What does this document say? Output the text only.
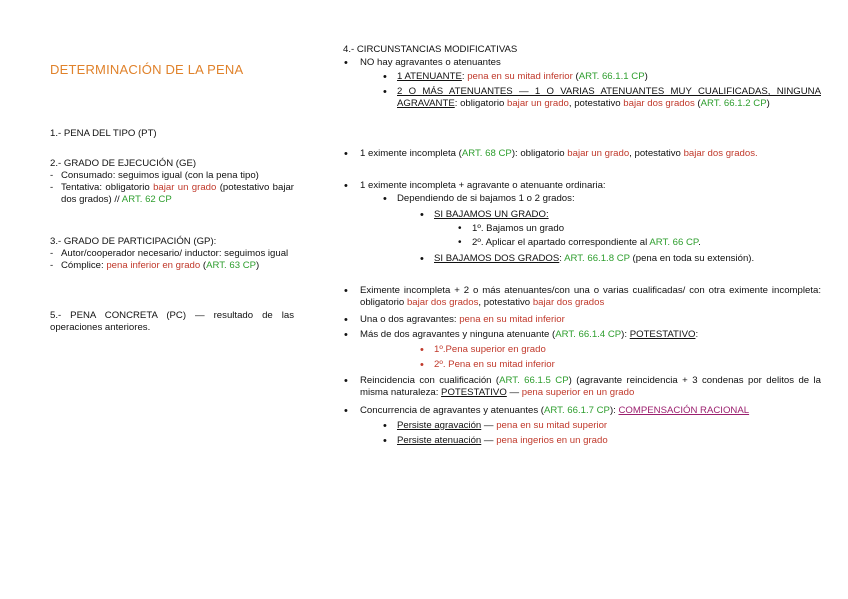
DETERMINACIÓN DE LA PENA
1.- PENA DEL TIPO (PT)
2.- GRADO DE EJECUCIÓN (GE)
- Consumado: seguimos igual (con la pena tipo)
- Tentativa: obligatorio bajar un grado (potestativo bajar dos grados) // ART. 62 CP
3.- GRADO DE PARTICIPACIÓN (GP):
- Autor/cooperador necesario/ inductor: seguimos igual
- Cómplice: pena inferior en grado (ART. 63 CP)
5.- PENA CONCRETA (PC) — resultado de las operaciones anteriores.
4.- CIRCUNSTANCIAS MODIFICATIVAS
• NO hay agravantes o atenuantes
• 1 ATENUANTE: pena en su mitad inferior (ART. 66.1.1 CP)
• 2 O MÁS ATENUANTES — 1 O VARIAS ATENUANTES MUY CUALIFICADAS, NINGUNA AGRAVANTE: obligatorio bajar un grado, potestativo bajar dos grados (ART. 66.1.2 CP)
• 1 eximente incompleta (ART. 68 CP): obligatorio bajar un grado, potestativo bajar dos grados.
• 1 eximente incompleta + agravante o atenuante ordinaria:
• Dependiendo de si bajamos 1 o 2 grados:
• SI BAJAMOS UN GRADO:
• 1º. Bajamos un grado
• 2º. Aplicar el apartado correspondiente al ART. 66 CP.
• SI BAJAMOS DOS GRADOS: ART. 66.1.8 CP (pena en toda su extensión).
• Eximente incompleta + 2 o más atenuantes/con una o varias cualificadas/ con otra eximente incompleta: obligatorio bajar dos grados, potestativo bajar dos grados
• Una o dos agravantes: pena en su mitad inferior
• Más de dos agravantes y ninguna atenuante (ART. 66.1.4 CP): POTESTATIVO:
• 1º.Pena superior en grado
• 2º. Pena en su mitad inferior
• Reincidencia con cualificación (ART. 66.1.5 CP) (agravante reincidencia + 3 condenas por delitos de la misma naturaleza: POTESTATIVO — pena superior en un grado
• Concurrencia de agravantes y atenuantes (ART. 66.1.7 CP): COMPENSACIÓN RACIONAL
• Persiste agravación — pena en su mitad superior
• Persiste atenuación — pena ingerios en un grado
